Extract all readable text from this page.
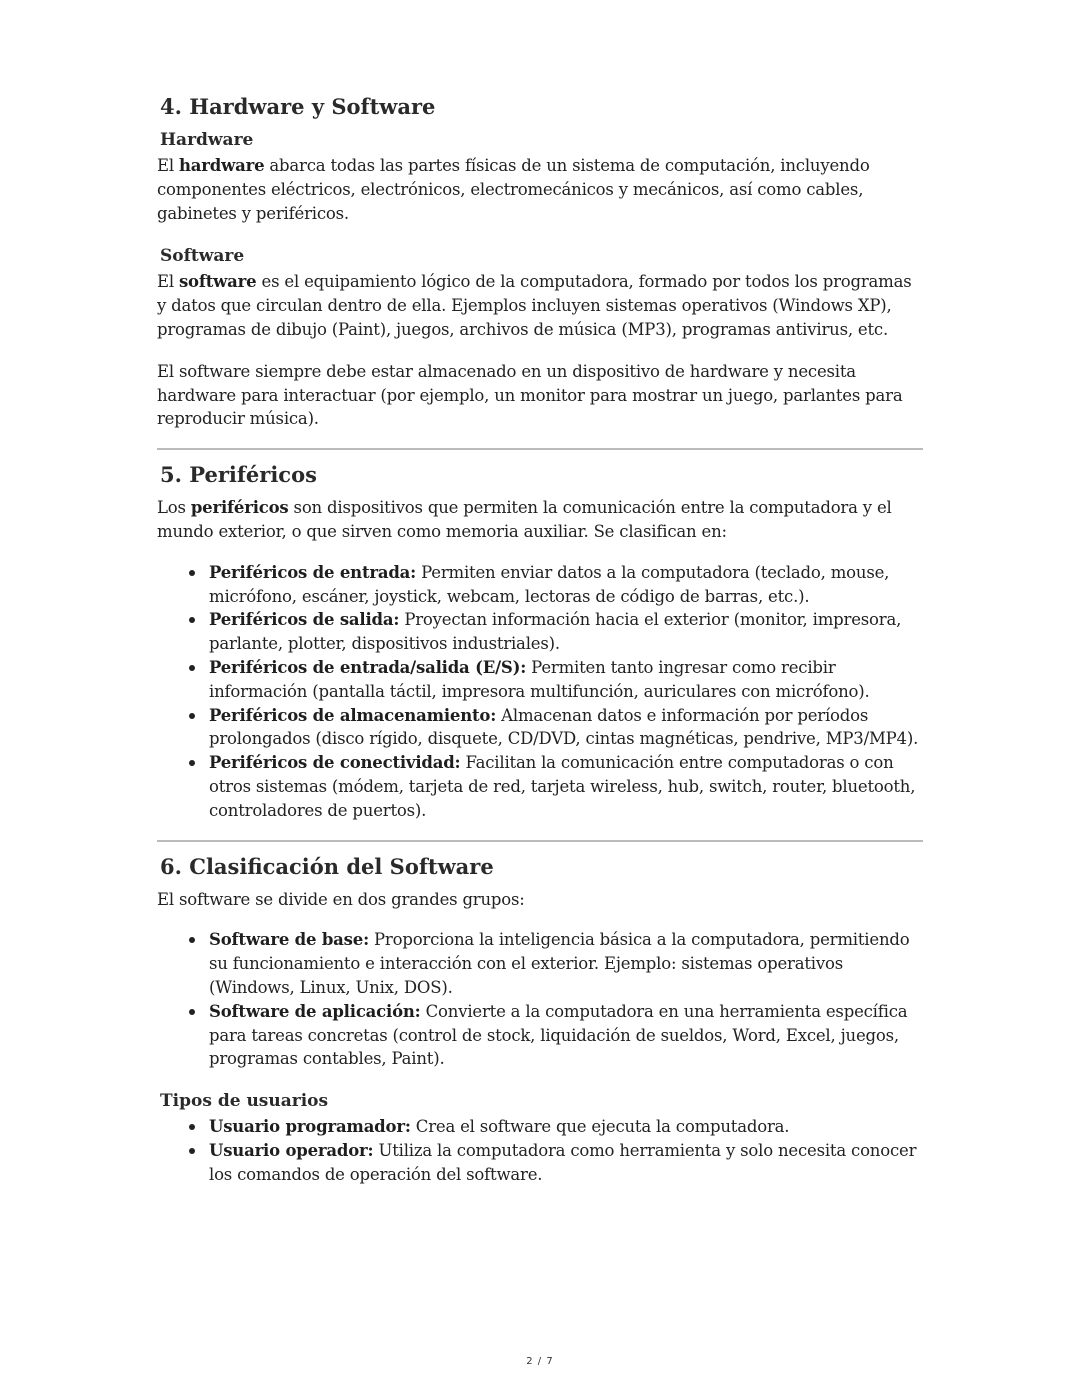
4. Hardware y Software
Hardware

El hardware abarca todas las partes físicas de un sistema de computación, incluyendo componentes eléctricos, electrónicos, electromecánicos y mecánicos, así como cables, gabinetes y periféricos.

Software

El software es el equipamiento lógico de la computadora, formado por todos los programas y datos que circulan dentro de ella. Ejemplos incluyen sistemas operativos (Windows XP), programas de dibujo (Paint), juegos, archivos de música (MP3), programas antivirus, etc.

El software siempre debe estar almacenado en un dispositivo de hardware y necesita hardware para interactuar (por ejemplo, un monitor para mostrar un juego, parlantes para reproducir música).

5. Periféricos

Los periféricos son dispositivos que permiten la comunicación entre la computadora y el mundo exterior, o que sirven como memoria auxiliar. Se clasifican en:

Periféricos de entrada: Permiten enviar datos a la computadora (teclado, mouse, micrófono, escáner, joystick, webcam, lectoras de código de barras, etc.).
Periféricos de salida: Proyectan información hacia el exterior (monitor, impresora, parlante, plotter, dispositivos industriales).
Periféricos de entrada/salida (E/S): Permiten tanto ingresar como recibir información (pantalla táctil, impresora multifunción, auriculares con micrófono).
Periféricos de almacenamiento: Almacenan datos e información por períodos prolongados (disco rígido, disquete, CD/DVD, cintas magnéticas, pendrive, MP3/MP4).
Periféricos de conectividad: Facilitan la comunicación entre computadoras o con otros sistemas (módem, tarjeta de red, tarjeta wireless, hub, switch, router, bluetooth, controladores de puertos).
6. Clasificación del Software

El software se divide en dos grandes grupos:

Software de base: Proporciona la inteligencia básica a la computadora, permitiendo su funcionamiento e interacción con el exterior. Ejemplo: sistemas operativos (Windows, Linux, Unix, DOS).
Software de aplicación: Convierte a la computadora en una herramienta específica para tareas concretas (control de stock, liquidación de sueldos, Word, Excel, juegos, programas contables, Paint).
Tipos de usuarios
Usuario programador: Crea el software que ejecuta la computadora.
Usuario operador: Utiliza la computadora como herramienta y solo necesita conocer los comandos de operación del software.
2 / 7
